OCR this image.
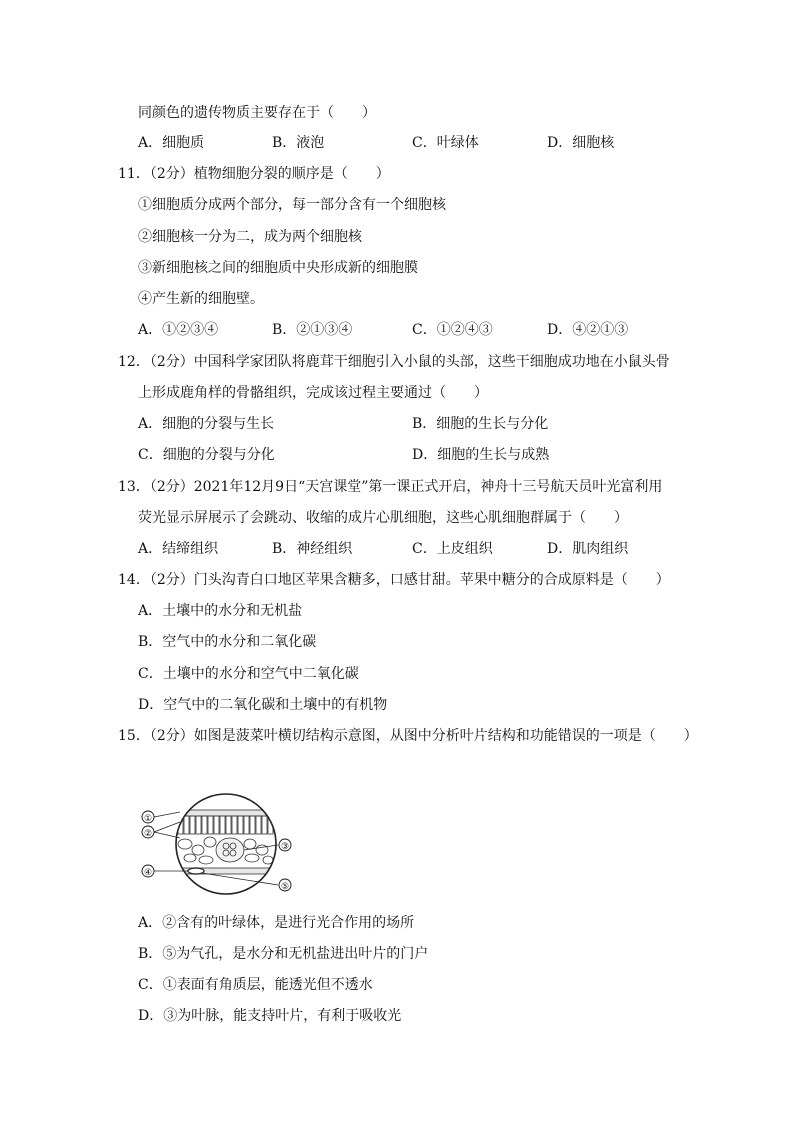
同颜色的遗传物质主要存在于（　　）
A．细胞质	B．液泡	C．叶绿体	D．细胞核
11．（2分）植物细胞分裂的顺序是（　　）
①细胞质分成两个部分，每一部分含有一个细胞核
②细胞核一分为二，成为两个细胞核
③新细胞核之间的细胞质中央形成新的细胞膜
④产生新的细胞壁。
A．①②③④	B．②①③④	C．①②④③	D．④②①③
12．（2分）中国科学家团队将鹿茸干细胞引入小鼠的头部，这些干细胞成功地在小鼠头骨
上形成鹿角样的骨骼组织，完成该过程主要通过（　　）
A．细胞的分裂与生长	B．细胞的生长与分化
C．细胞的分裂与分化	D．细胞的生长与成熟
13．（2分）2021年12月9日“天宫课堂”第一课正式开启，神舟十三号航天员叶光富利用
荧光显示屏展示了会跳动、收缩的成片心肌细胞，这些心肌细胞群属于（　　）
A．结缔组织	B．神经组织	C．上皮组织	D．肌肉组织
14．（2分）门头沟青白口地区苹果含糖多，口感甘甜。苹果中糖分的合成原料是（　　）
A．土壤中的水分和无机盐
B．空气中的水分和二氧化碳
C．土壤中的水分和空气中二氧化碳
D．空气中的二氧化碳和土壤中的有机物
15．（2分）如图是菠菜叶横切结构示意图，从图中分析叶片结构和功能错误的一项是（　　）
①
②
③
④
⑤
A．②含有的叶绿体，是进行光合作用的场所
B．⑤为气孔，是水分和无机盐进出叶片的门户
C．①表面有角质层，能透光但不透水
D．③为叶脉，能支持叶片，有利于吸收光
